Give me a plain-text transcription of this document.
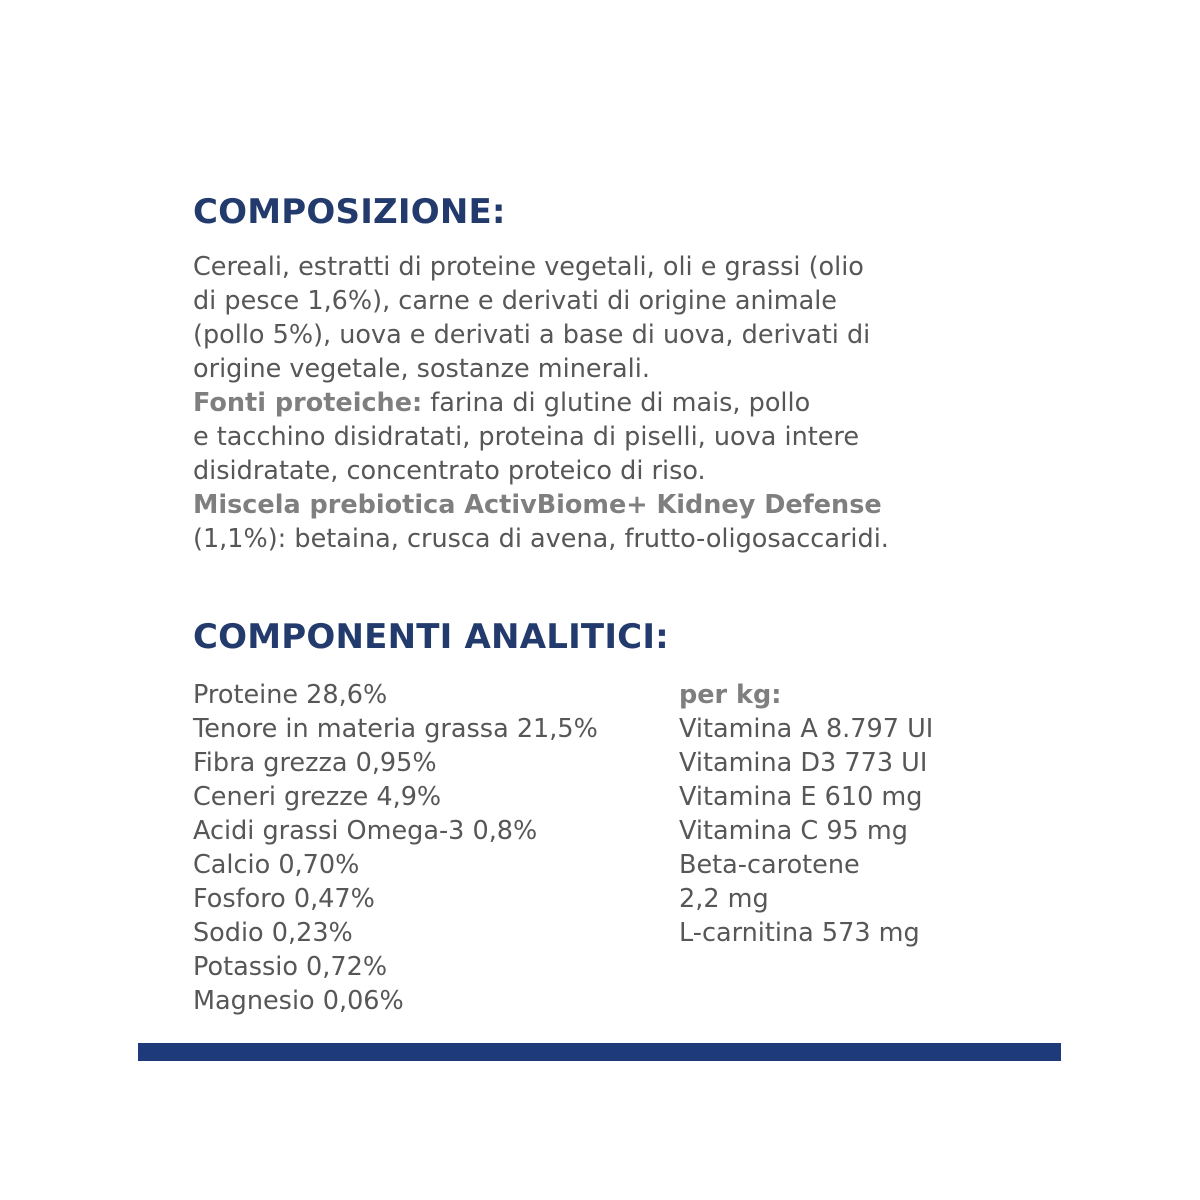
COMPOSIZIONE:

Cereali, estratti di proteine vegetali, oli e grassi (olio
di pesce 1,6%), carne e derivati di origine animale
(pollo 5%), uova e derivati a base di uova, derivati di
origine vegetale, sostanze minerali.

Fonti proteiche: farina di glutine di mais, pollo
e tacchino disidratati, proteina di piselli, uova intere
disidratate, concentrato proteico di riso.

Miscela prebiotica ActivBiome+ Kidney Defense
(1,1%): betaina, crusca di avena, frutto-oligosaccaridi.

COMPONENTI ANALITICI:
Proteine 28,6%
Tenore in materia grassa 21,5%
Fibra grezza 0,95%
Ceneri grezze 4,9%
Acidi grassi Omega-3 0,8%
Calcio 0,70%
Fosforo 0,47%
Sodio 0,23%
Potassio 0,72%
Magnesio 0,06%
per kg:
Vitamina A 8.797 UI
Vitamina D3 773 UI
Vitamina E 610 mg
Vitamina C 95 mg
Beta-carotene
2,2 mg
L-carnitina 573 mg
